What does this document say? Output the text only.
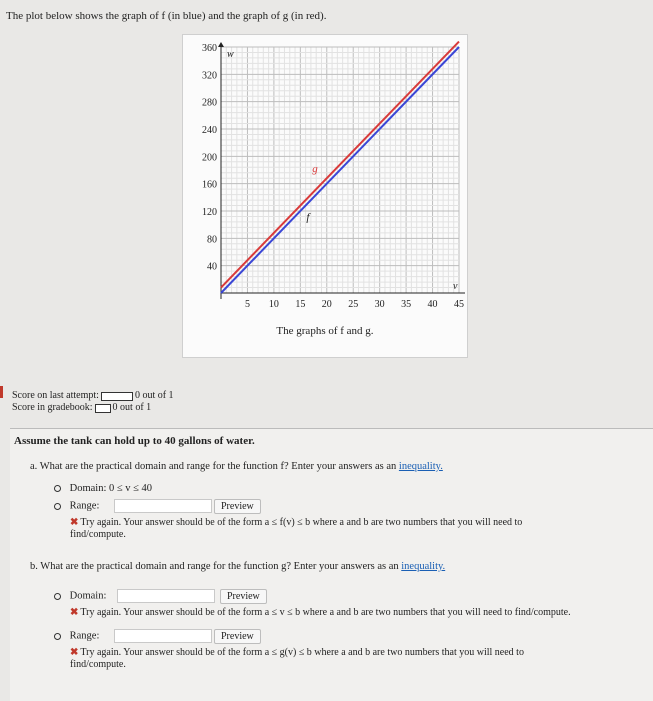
The plot below shows the graph of f (in blue) and the graph of g (in red).
5 10 15 20 25 30 35 40 45
40
80
120
160
200
240
280
320
360
v
w
g
f
The graphs of f and g.
Score on last attempt:	0 out of 1
Score in gradebook: 0 out of 1
Assume the tank can hold up to 40 gallons of water.
a. What are the practical domain and range for the function f? Enter your answers as an inequality.
Domain: 0 ≤ v ≤ 40
Range:	Preview
✖ Try again. Your answer should be of the form a ≤ f(v) ≤ b where a and b are two numbers that you will need to
find/compute.
b. What are the practical domain and range for the function g? Enter your answers as an inequality.
Domain:	Preview
✖ Try again. Your answer should be of the form a ≤ v ≤ b where a and b are two numbers that you will need to find/compute.
Range:	Preview
✖ Try again. Your answer should be of the form a ≤ g(v) ≤ b where a and b are two numbers that you will need to
find/compute.
